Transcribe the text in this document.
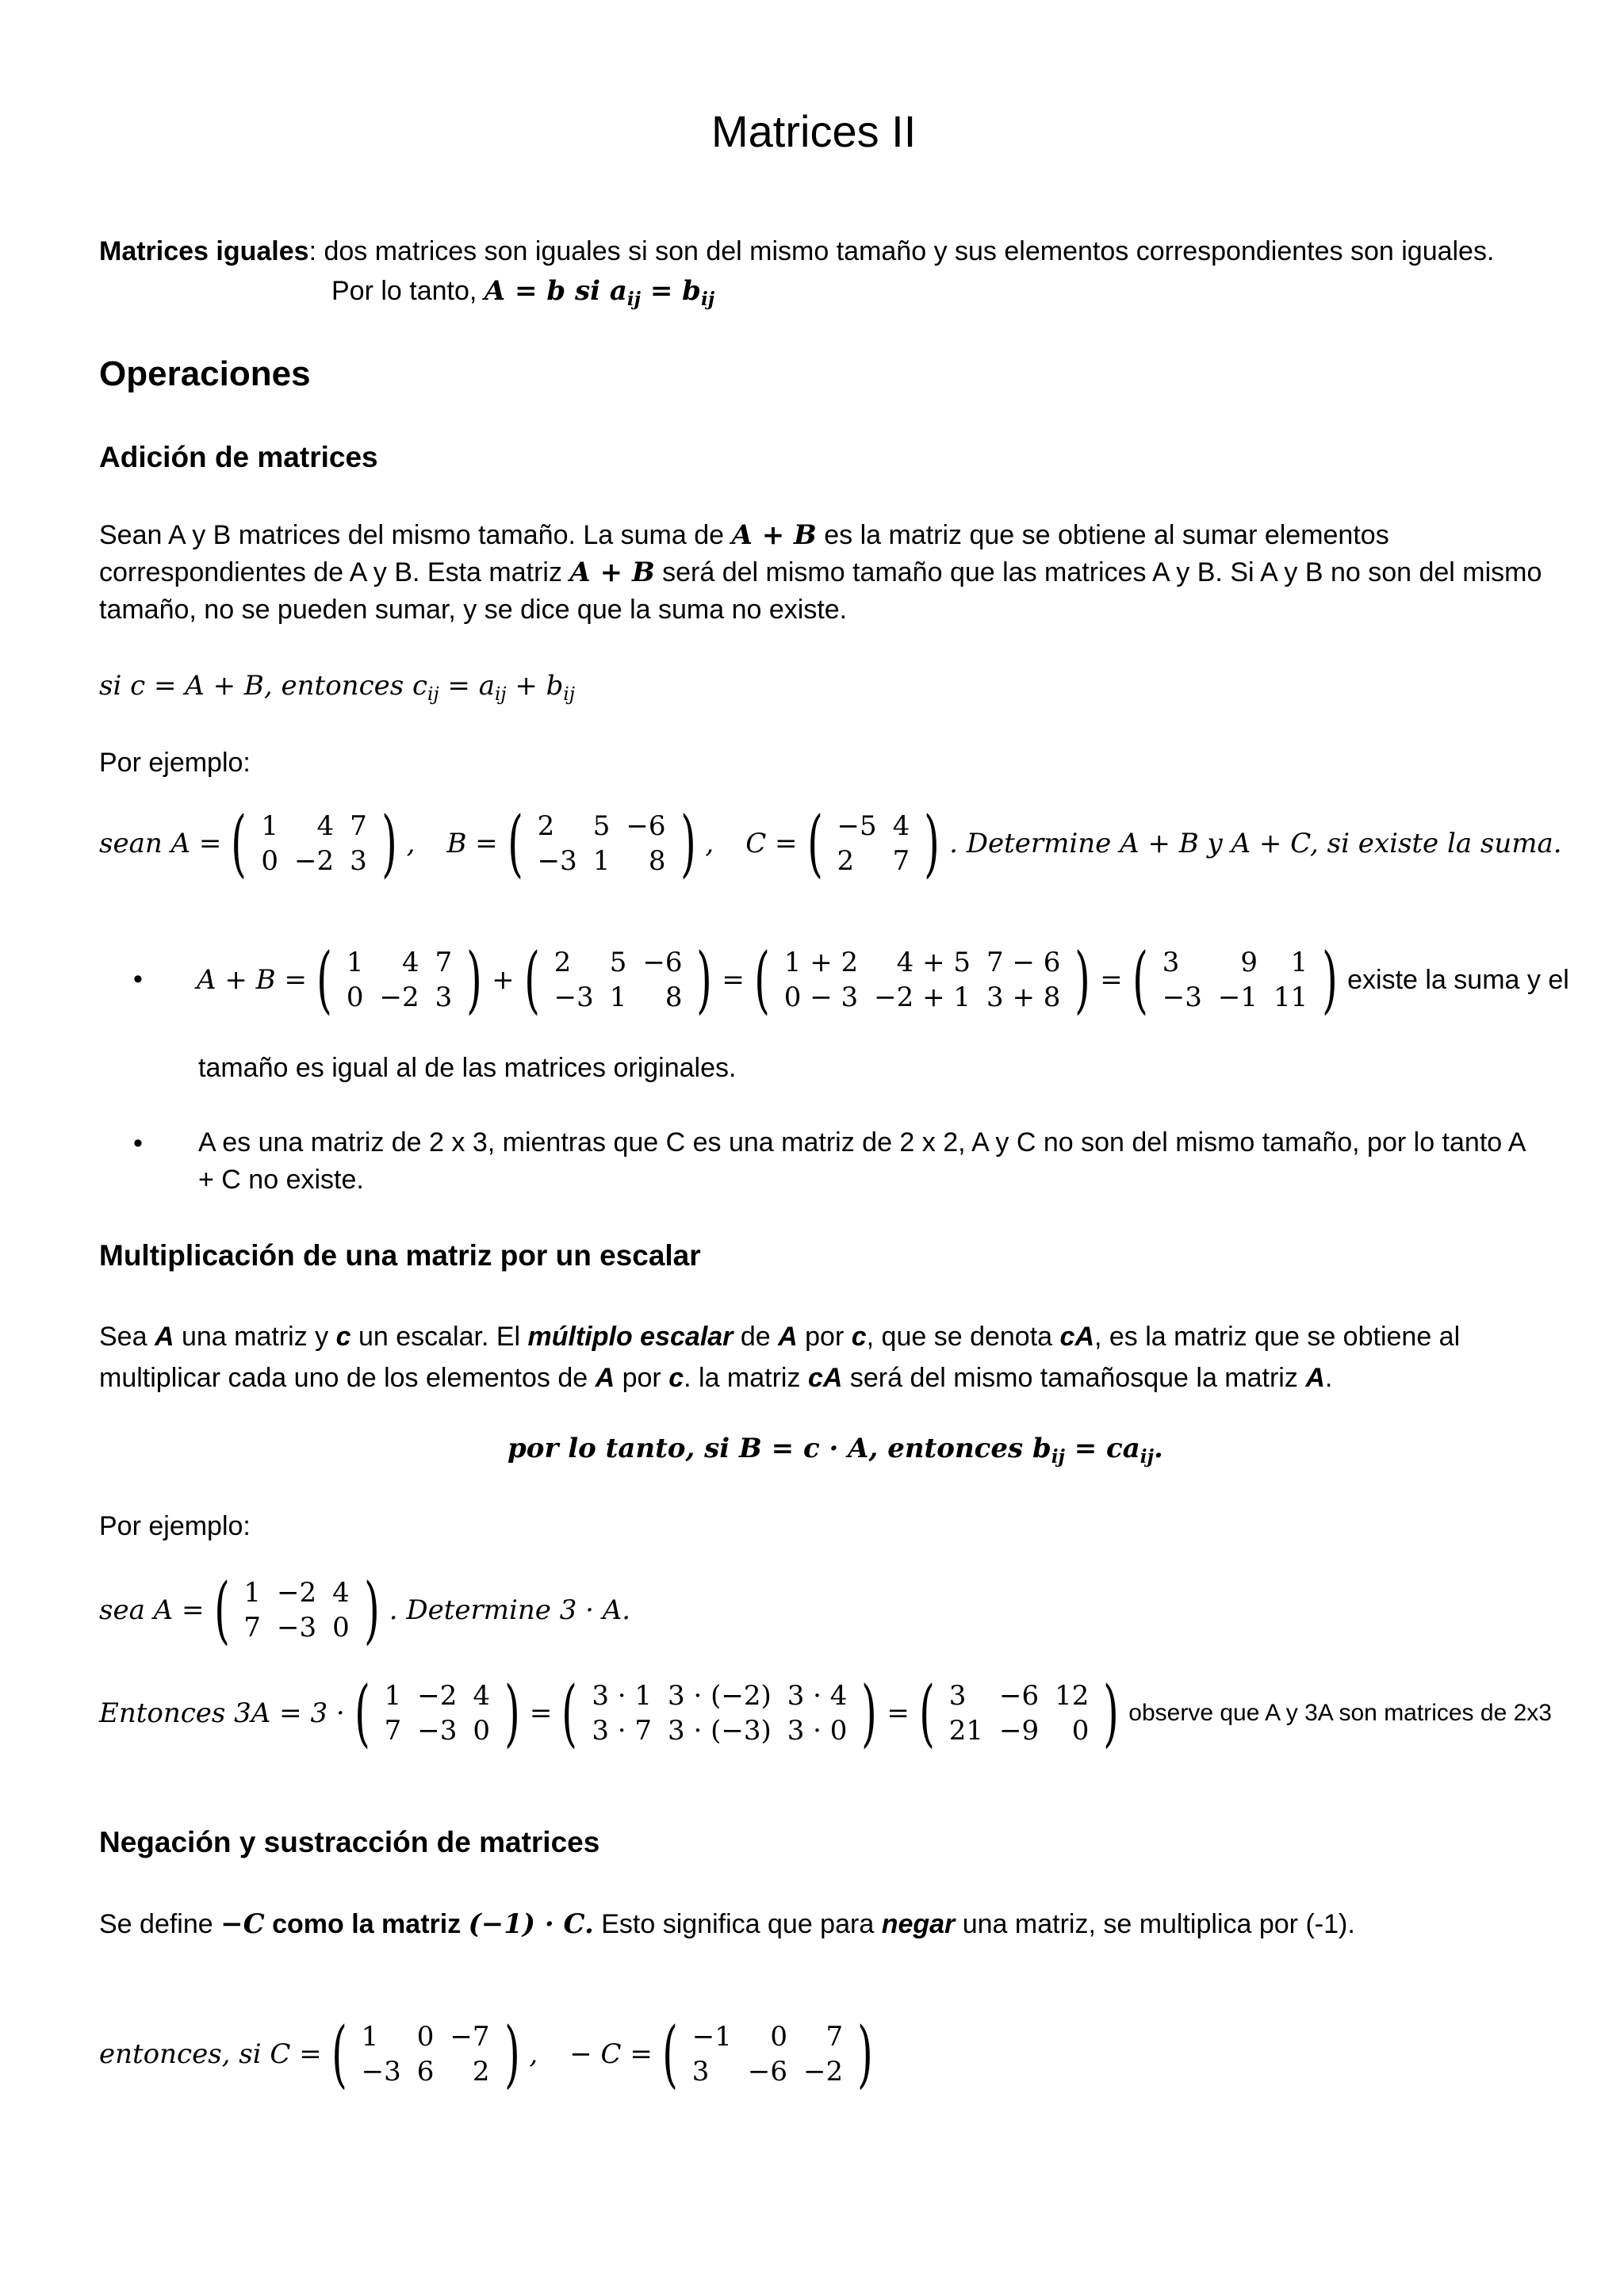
Matrices II
Matrices iguales: dos matrices son iguales si son del mismo tamaño y sus elementos correspondientes son iguales.
Por lo tanto, A = b si $a_{ij} = b_{ij}$
Operaciones
Adición de matrices
Sean A y B matrices del mismo tamaño. La suma de A + B es la matriz que se obtiene al sumar elementos correspondientes de A y B. Esta matriz A + B será del mismo tamaño que las matrices A y B. Si A y B no son del mismo tamaño, no se pueden sumar, y se dice que la suma no existe.
si c = A + B, entonces $c_{ij} = a_{ij} + b_{ij}$
Por ejemplo:
sean A = ( 1	4	7
0	−2	3 ) , B = ( 2	5	−6
−3	1	8 ) , C = ( −5	4
2	7 ) . Determine A + B y A + C, si existe la suma.
• A + B = ( 1	4	7
0	−2	3 ) + ( 2	5	−6
−3	1	8 ) = ( 1 + 2	4 + 5	7 − 6
0 − 3	−2 + 1	3 + 8 ) = ( 3	9	1
−3	−1	11 ) existe la suma y el
tamaño es igual al de las matrices originales.
• A es una matriz de 2 x 3, mientras que C es una matriz de 2 x 2, A y C no son del mismo tamaño, por lo tanto A + C no existe.
Multiplicación de una matriz por un escalar
Sea A una matriz y c un escalar. El múltiplo escalar de A por c, que se denota cA, es la matriz que se obtiene al multiplicar cada uno de los elementos de A por c. la matriz cA será del mismo tamañosque la matriz A.
por lo tanto, si B = c · A, entonces $b_{ij} = ca_{ij}$.
Por ejemplo:
sea A = ( 1	−2	4
7	−3	0 ) . Determine 3 · A.
Entonces 3A = 3 · ( 1	−2	4
7	−3	0 ) = ( 3 · 1	3 · (−2)	3 · 4
3 · 7	3 · (−3)	3 · 0 ) = ( 3	−6	12
21	−9	0 ) observe que A y 3A son matrices de 2x3
Negación y sustracción de matrices
Se define −C como la matriz (−1) · C. Esto significa que para negar una matriz, se multiplica por (-1).
entonces, si C = ( 1	0	−7
−3	6	2 ) , − C = ( −1	0	7
3	−6	−2 )
